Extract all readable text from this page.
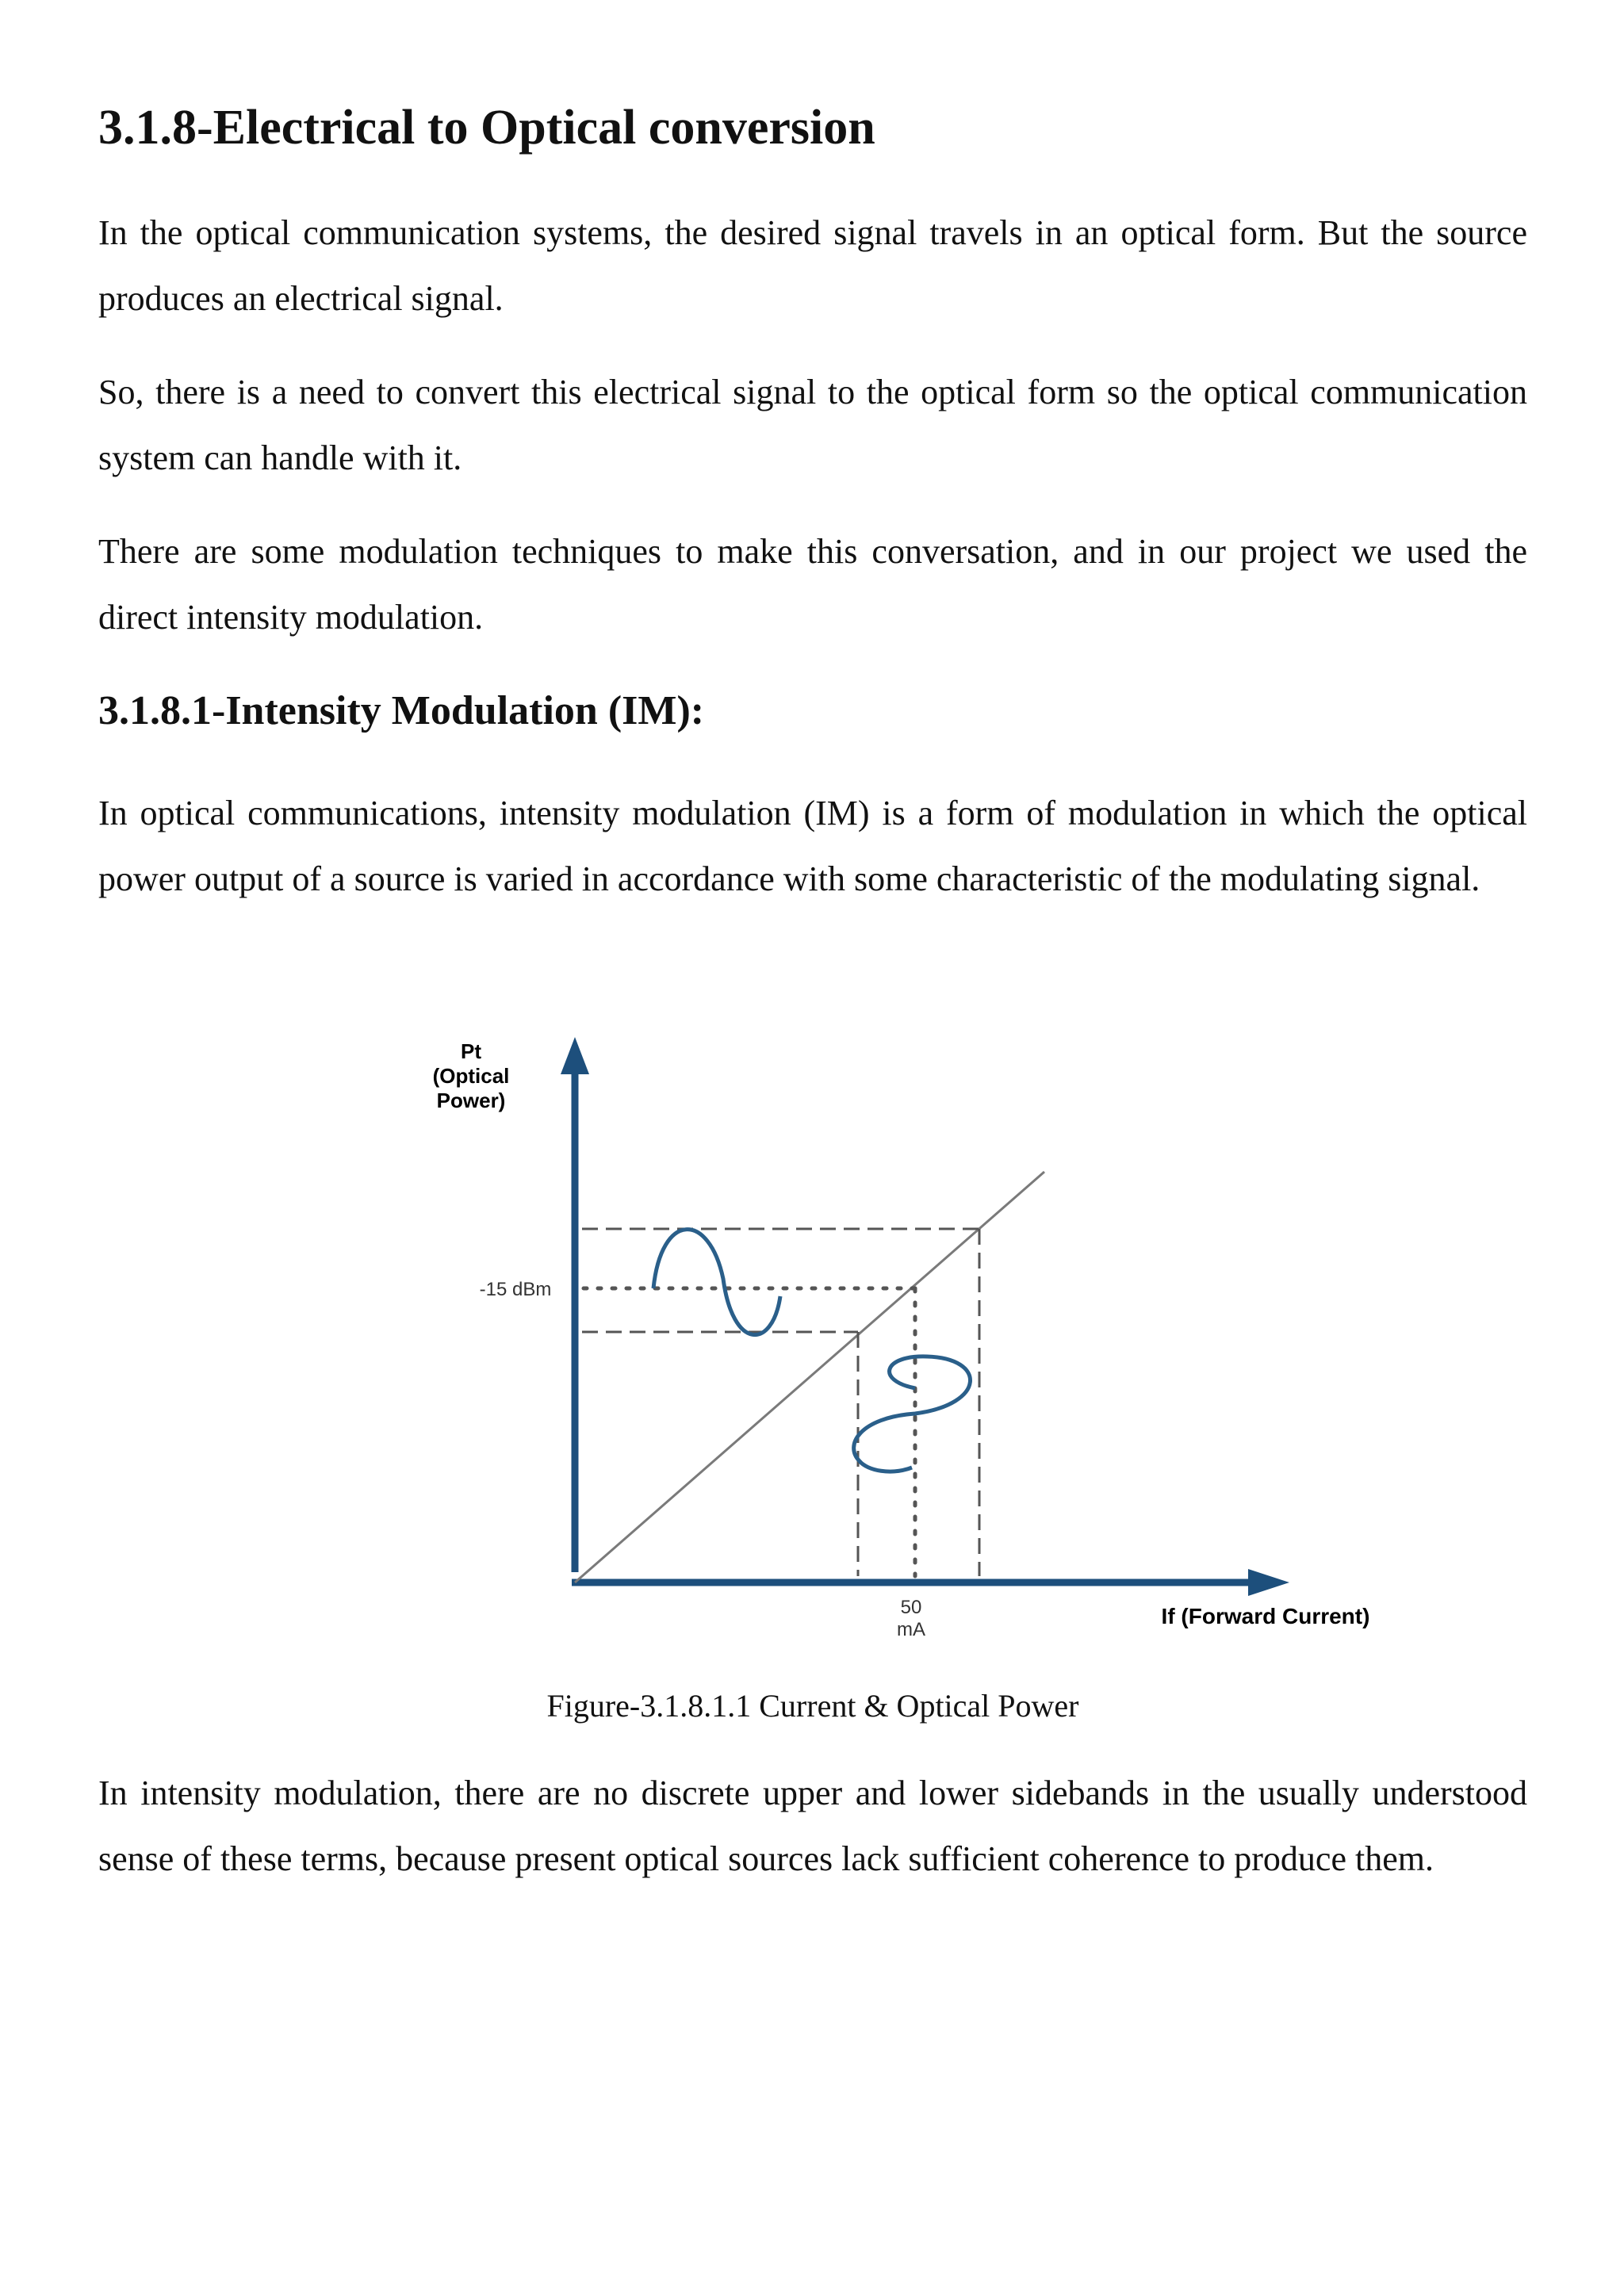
3.1.8-Electrical to Optical conversion

In the optical communication systems, the desired signal travels in an optical form. But the source produces an electrical signal.

So, there is a need to convert this electrical signal to the optical form so the optical communication system can handle with it.

There are some modulation techniques to make this conversation, and in our project we used the direct intensity modulation.

3.1.8.1-Intensity Modulation (IM):

In optical communications, intensity modulation (IM) is a form of modulation in which the optical power output of a source is varied in accordance with some characteristic of the modulating signal.

Pt
(Optical
Power)
-15 dBm
50
mA
If (Forward Current)

Figure-3.1.8.1.1 Current & Optical Power

In intensity modulation, there are no discrete upper and lower sidebands in the usually understood sense of these terms, because present optical sources lack sufficient coherence to produce them.
